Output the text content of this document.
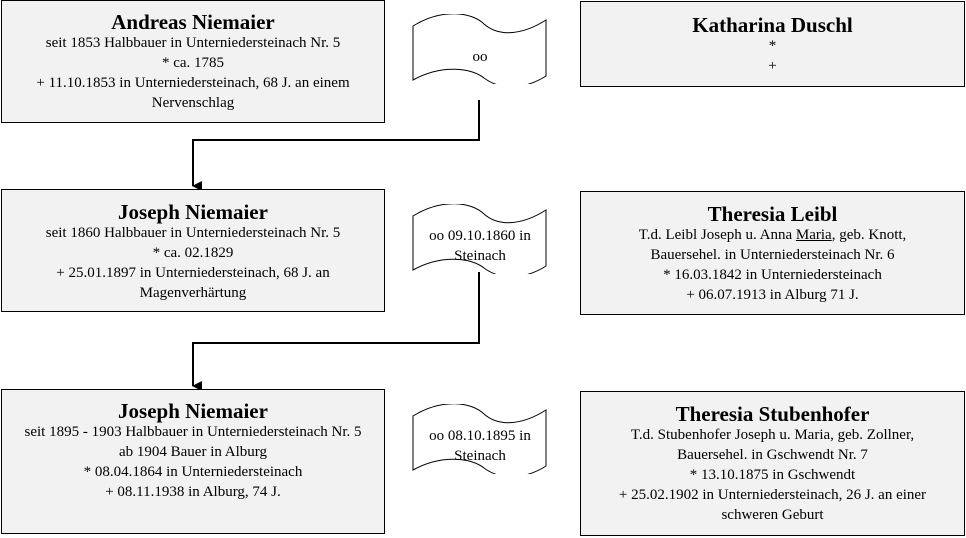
Andreas Niemaier
seit 1853 Halbbauer in Unterniedersteinach Nr. 5
* ca. 1785
+ 11.10.1853 in Unterniedersteinach, 68 J. an einem Nervenschlag
oo
Katharina Duschl
*
+
Joseph Niemaier
seit 1860 Halbbauer in Unterniedersteinach Nr. 5
* ca. 02.1829
+ 25.01.1897 in Unterniedersteinach, 68 J. an Magenverhärtung
oo 09.10.1860 in Steinach
Theresia Leibl
T.d. Leibl Joseph u. Anna Maria, geb. Knott,
Bauersehel. in Unterniedersteinach Nr. 6
* 16.03.1842 in Unterniedersteinach
+ 06.07.1913 in Alburg 71 J.
Joseph Niemaier
seit 1895 - 1903 Halbbauer in Unterniedersteinach Nr. 5
ab 1904 Bauer in Alburg
* 08.04.1864 in Unterniedersteinach
+ 08.11.1938 in Alburg, 74 J.
oo 08.10.1895 in Steinach
Theresia Stubenhofer
T.d. Stubenhofer Joseph u. Maria, geb. Zollner, Bauersehel. in Gschwendt Nr. 7
* 13.10.1875 in Gschwendt
+ 25.02.1902 in Unterniedersteinach, 26 J. an einer schweren Geburt
